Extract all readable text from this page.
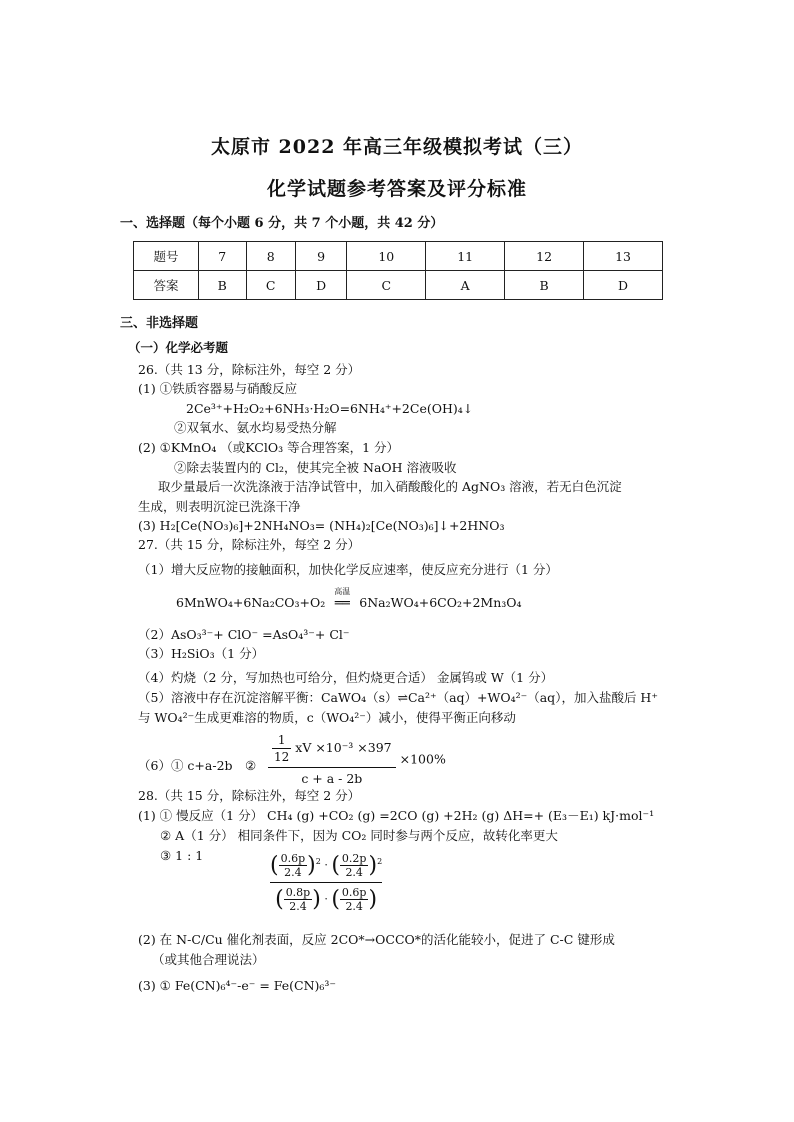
太原市 2022 年高三年级模拟考试（三）
化学试题参考答案及评分标准
一、选择题（每个小题 6 分，共 7 个小题，共 42 分）
题号	7	8	9	10	11	12	13
答案	B	C	D	C	A	B	D
三、非选择题
（一）化学必考题
26.（共 13 分，除标注外，每空 2 分）
(1) ①铁质容器易与硝酸反应
2Ce³⁺+H₂O₂+6NH₃·H₂O=6NH₄⁺+2Ce(OH)₄↓
②双氧水、氨水均易受热分解
(2) ①KMnO₄ （或KClO₃ 等合理答案，1 分）
②除去装置内的 Cl₂，使其完全被 NaOH 溶液吸收
取少量最后一次洗涤液于洁净试管中，加入硝酸酸化的 AgNO₃ 溶液，若无白色沉淀
生成，则表明沉淀已洗涤干净
(3) H₂[Ce(NO₃)₆]+2NH₄NO₃= (NH₄)₂[Ce(NO₃)₆]↓+2HNO₃
27.（共 15 分，除标注外，每空 2 分）
（1）增大反应物的接触面积，加快化学反应速率，使反应充分进行（1 分）
6MnWO₄+6Na₂CO₃+O₂
高温
══ 6Na₂WO₄+6CO₂+2Mn₃O₄
（2）AsO₃³⁻+ ClO⁻ =AsO₄³⁻+ Cl⁻
（3）H₂SiO₃（1 分）
（4）灼烧（2 分，写加热也可给分，但灼烧更合适） 金属钨或 W（1 分）
（5）溶液中存在沉淀溶解平衡：CaWO₄（s）⇌Ca²⁺（aq）+WO₄²⁻（aq），加入盐酸后 H⁺
与 WO₄²⁻生成更难溶的物质，c（WO₄²⁻）减小，使得平衡正向移动
（6）① c+a-2b ② $\frac{\frac{1}{12} xV \times 10^{-3} \times 397}{c + a - 2b} \times 100\%$
28.（共 15 分，除标注外，每空 2 分）
(1) ① 慢反应（1 分） CH₄ (g) +CO₂ (g) =2CO (g) +2H₂ (g) ΔH=+ (E₃－E₁) kJ·mol⁻¹
② A（1 分） 相同条件下，因为 CO₂ 同时参与两个反应，故转化率更大
③ 1 : 1	$\frac{( \frac{0.6p}{2.4} )^2 \cdot ( \frac{0.2p}{2.4} )^2}{( \frac{0.8p}{2.4} ) \cdot ( \frac{0.6p}{2.4} )}$
(2) 在 N-C/Cu 催化剂表面，反应 2CO*→OCCO*的活化能较小，促进了 C-C 键形成
（或其他合理说法）
(3) ① Fe(CN)₆⁴⁻-e⁻ = Fe(CN)₆³⁻
